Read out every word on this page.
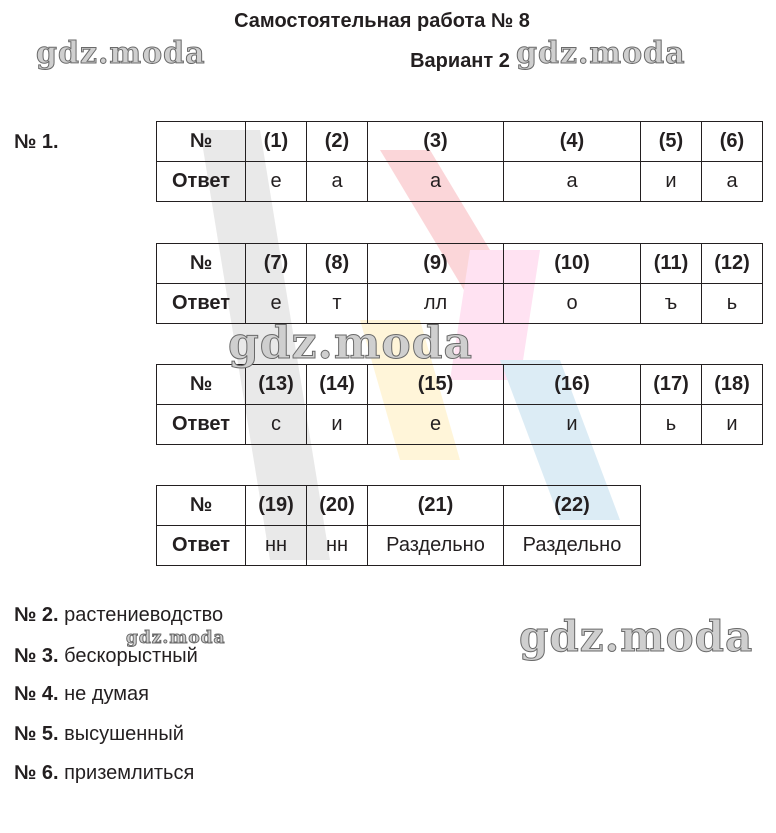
Самостоятельная работа № 8
Вариант 2
№ 1.	№	(1)	(2)	(3)	(4)	(5)	(6)
Ответ	е	а	а	а	и	а
№	(7)	(8)	(9)	(10)	(11)	(12)
Ответ	е	т	лл	о	ъ	ь
№	(13)	(14)	(15)	(16)	(17)	(18)
Ответ	с	и	е	и	ь	и
№	(19)	(20)	(21)	(22)
Ответ	нн	нн	Раздельно	Раздельно
№ 2. растениеводство
№ 3. бескорыстный
№ 4. не думая
№ 5. высушенный
№ 6. приземлиться
gdz.moda	gdz.moda
gdz.moda
gdz.moda	gdz.moda
